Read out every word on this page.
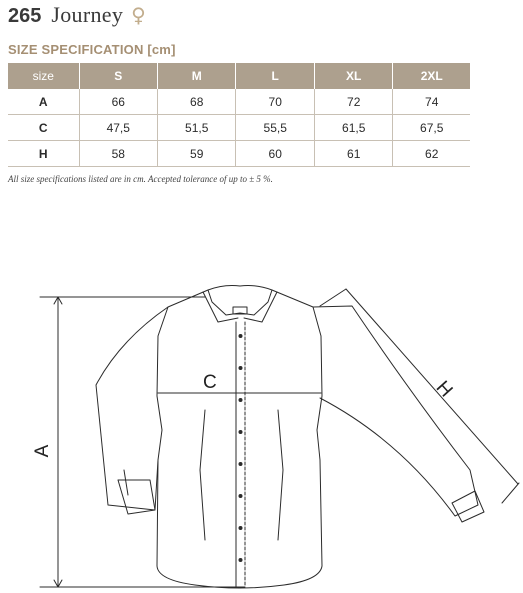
265 Journey ♀
SIZE SPECIFICATION [cm]
size	S	M	L	XL	2XL
A	66	68	70	72	74
C	47,5	51,5	55,5	61,5	67,5
H	58	59	60	61	62
All size specifications listed are in cm. Accepted tolerance of up to ± 5 %.
A
C	H
